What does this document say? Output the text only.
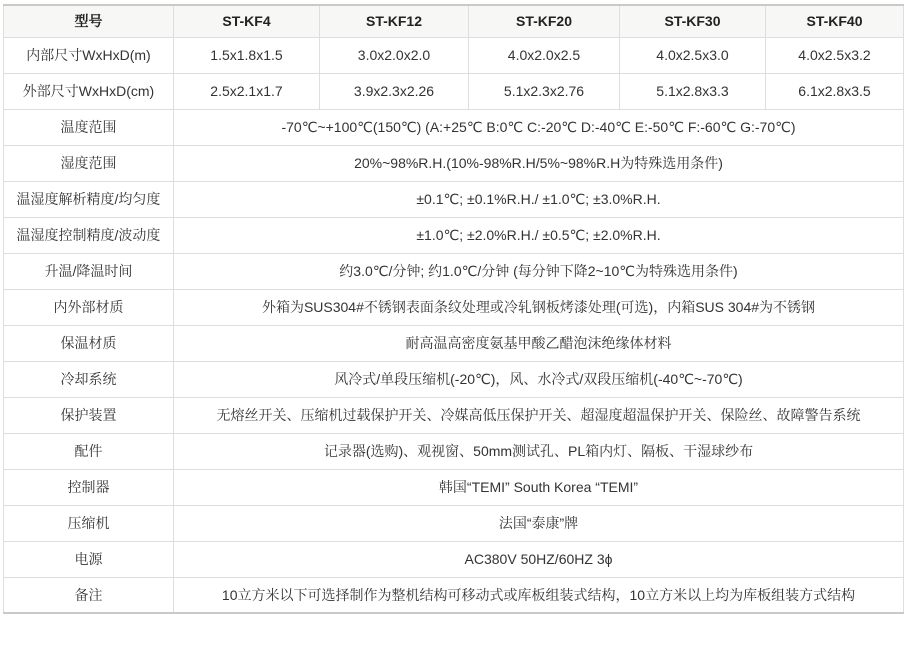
型号	ST-KF4	ST-KF12	ST-KF20	ST-KF30	ST-KF40
内部尺寸WxHxD(m)	1.5x1.8x1.5	3.0x2.0x2.0	4.0x2.0x2.5	4.0x2.5x3.0	4.0x2.5x3.2
外部尺寸WxHxD(cm)	2.5x2.1x1.7	3.9x2.3x2.26	5.1x2.3x2.76	5.1x2.8x3.3	6.1x2.8x3.5
温度范围	-70℃~+100℃(150℃) (A:+25℃ B:0℃ C:-20℃ D:-40℃ E:-50℃ F:-60℃ G:-70℃)				
湿度范围	20%~98%R.H.(10%-98%R.H/5%~98%R.H为特殊选用条件)				
温湿度解析精度/均匀度	±0.1℃; ±0.1%R.H./ ±1.0℃; ±3.0%R.H.				
温湿度控制精度/波动度	±1.0℃; ±2.0%R.H./ ±0.5℃; ±2.0%R.H.				
升温/降温时间	约3.0℃/分钟; 约1.0℃/分钟 (每分钟下降2~10℃为特殊选用条件)				
内外部材质	外箱为SUS304#不锈钢表面条纹处理或冷轧钢板烤漆处理(可选)，内箱SUS 304#为不锈钢				
保温材质	耐高温高密度氨基甲酸乙醋泡沫绝缘体材料				
冷却系统	风冷式/单段压缩机(-20℃)，风、水冷式/双段压缩机(-40℃~-70℃)				
保护装置	无熔丝开关、压缩机过载保护开关、冷媒高低压保护开关、超湿度超温保护开关、保险丝、故障警告系统				
配件	记录器(选购)、观视窗、50mm测试孔、PL箱内灯、隔板、干湿球纱布				
控制器	韩国“TEMI” South Korea “TEMI”				
压缩机	法国“泰康”牌				
电源	AC380V 50HZ/60HZ 3ϕ				
备注	10立方米以下可选择制作为整机结构可移动式或库板组装式结构，10立方米以上均为库板组装方式结构				
